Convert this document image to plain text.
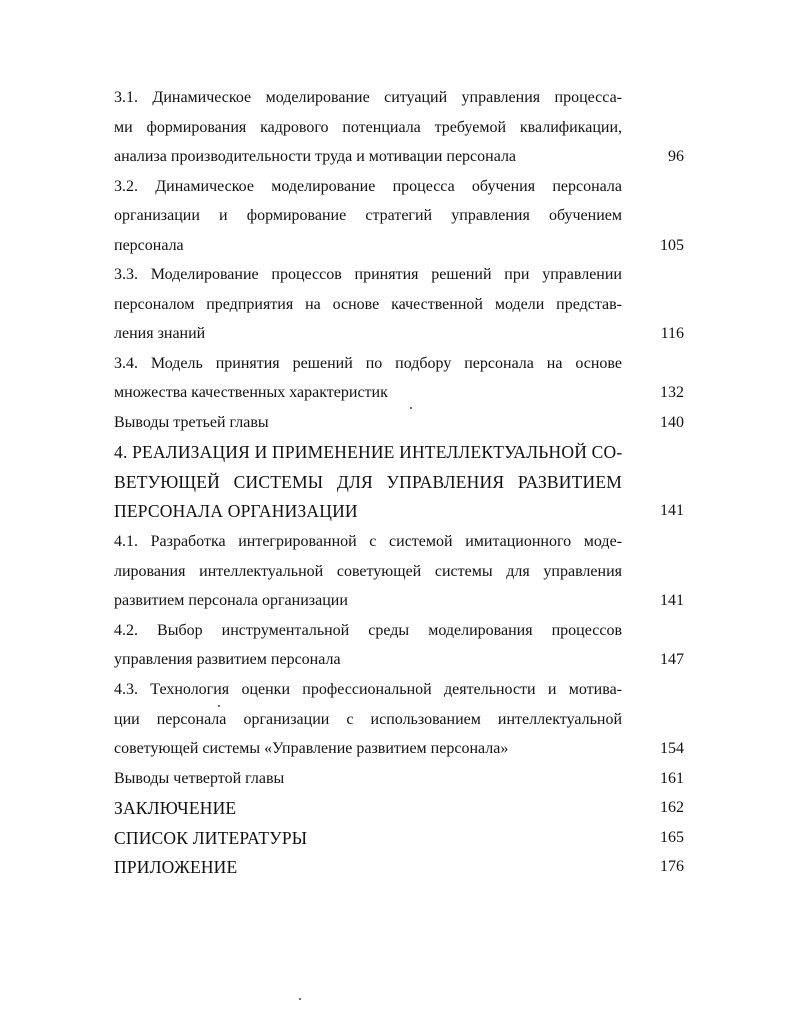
3.1. Динамическое моделирование ситуаций управления процесса-
ми формирования кадрового потенциала требуемой квалификации,
анализа производительности труда и мотивации персонала	96
3.2. Динамическое моделирование процесса обучения персонала
организации и формирование стратегий управления обучением
персонала	105
3.3. Моделирование процессов принятия решений при управлении
персоналом предприятия на основе качественной модели представ-
ления знаний	116
3.4. Модель принятия решений по подбору персонала на основе
множества качественных характеристик	132
Выводы третьей главы	140
4. РЕАЛИЗАЦИЯ И ПРИМЕНЕНИЕ ИНТЕЛЛЕКТУАЛЬНОЙ СО-
ВЕТУЮЩЕЙ СИСТЕМЫ ДЛЯ УПРАВЛЕНИЯ РАЗВИТИЕМ
ПЕРСОНАЛА ОРГАНИЗАЦИИ	141
4.1. Разработка интегрированной с системой имитационного моде-
лирования интеллектуальной советующей системы для управления
развитием персонала организации	141
4.2. Выбор инструментальной среды моделирования процессов
управления развитием персонала	147
4.3. Технология оценки профессиональной деятельности и мотива-
ции персонала организации с использованием интеллектуальной
советующей системы «Управление развитием персонала»	154
Выводы четвертой главы	161
ЗАКЛЮЧЕНИЕ	162
СПИСОК ЛИТЕРАТУРЫ	165
ПРИЛОЖЕНИЕ	176
